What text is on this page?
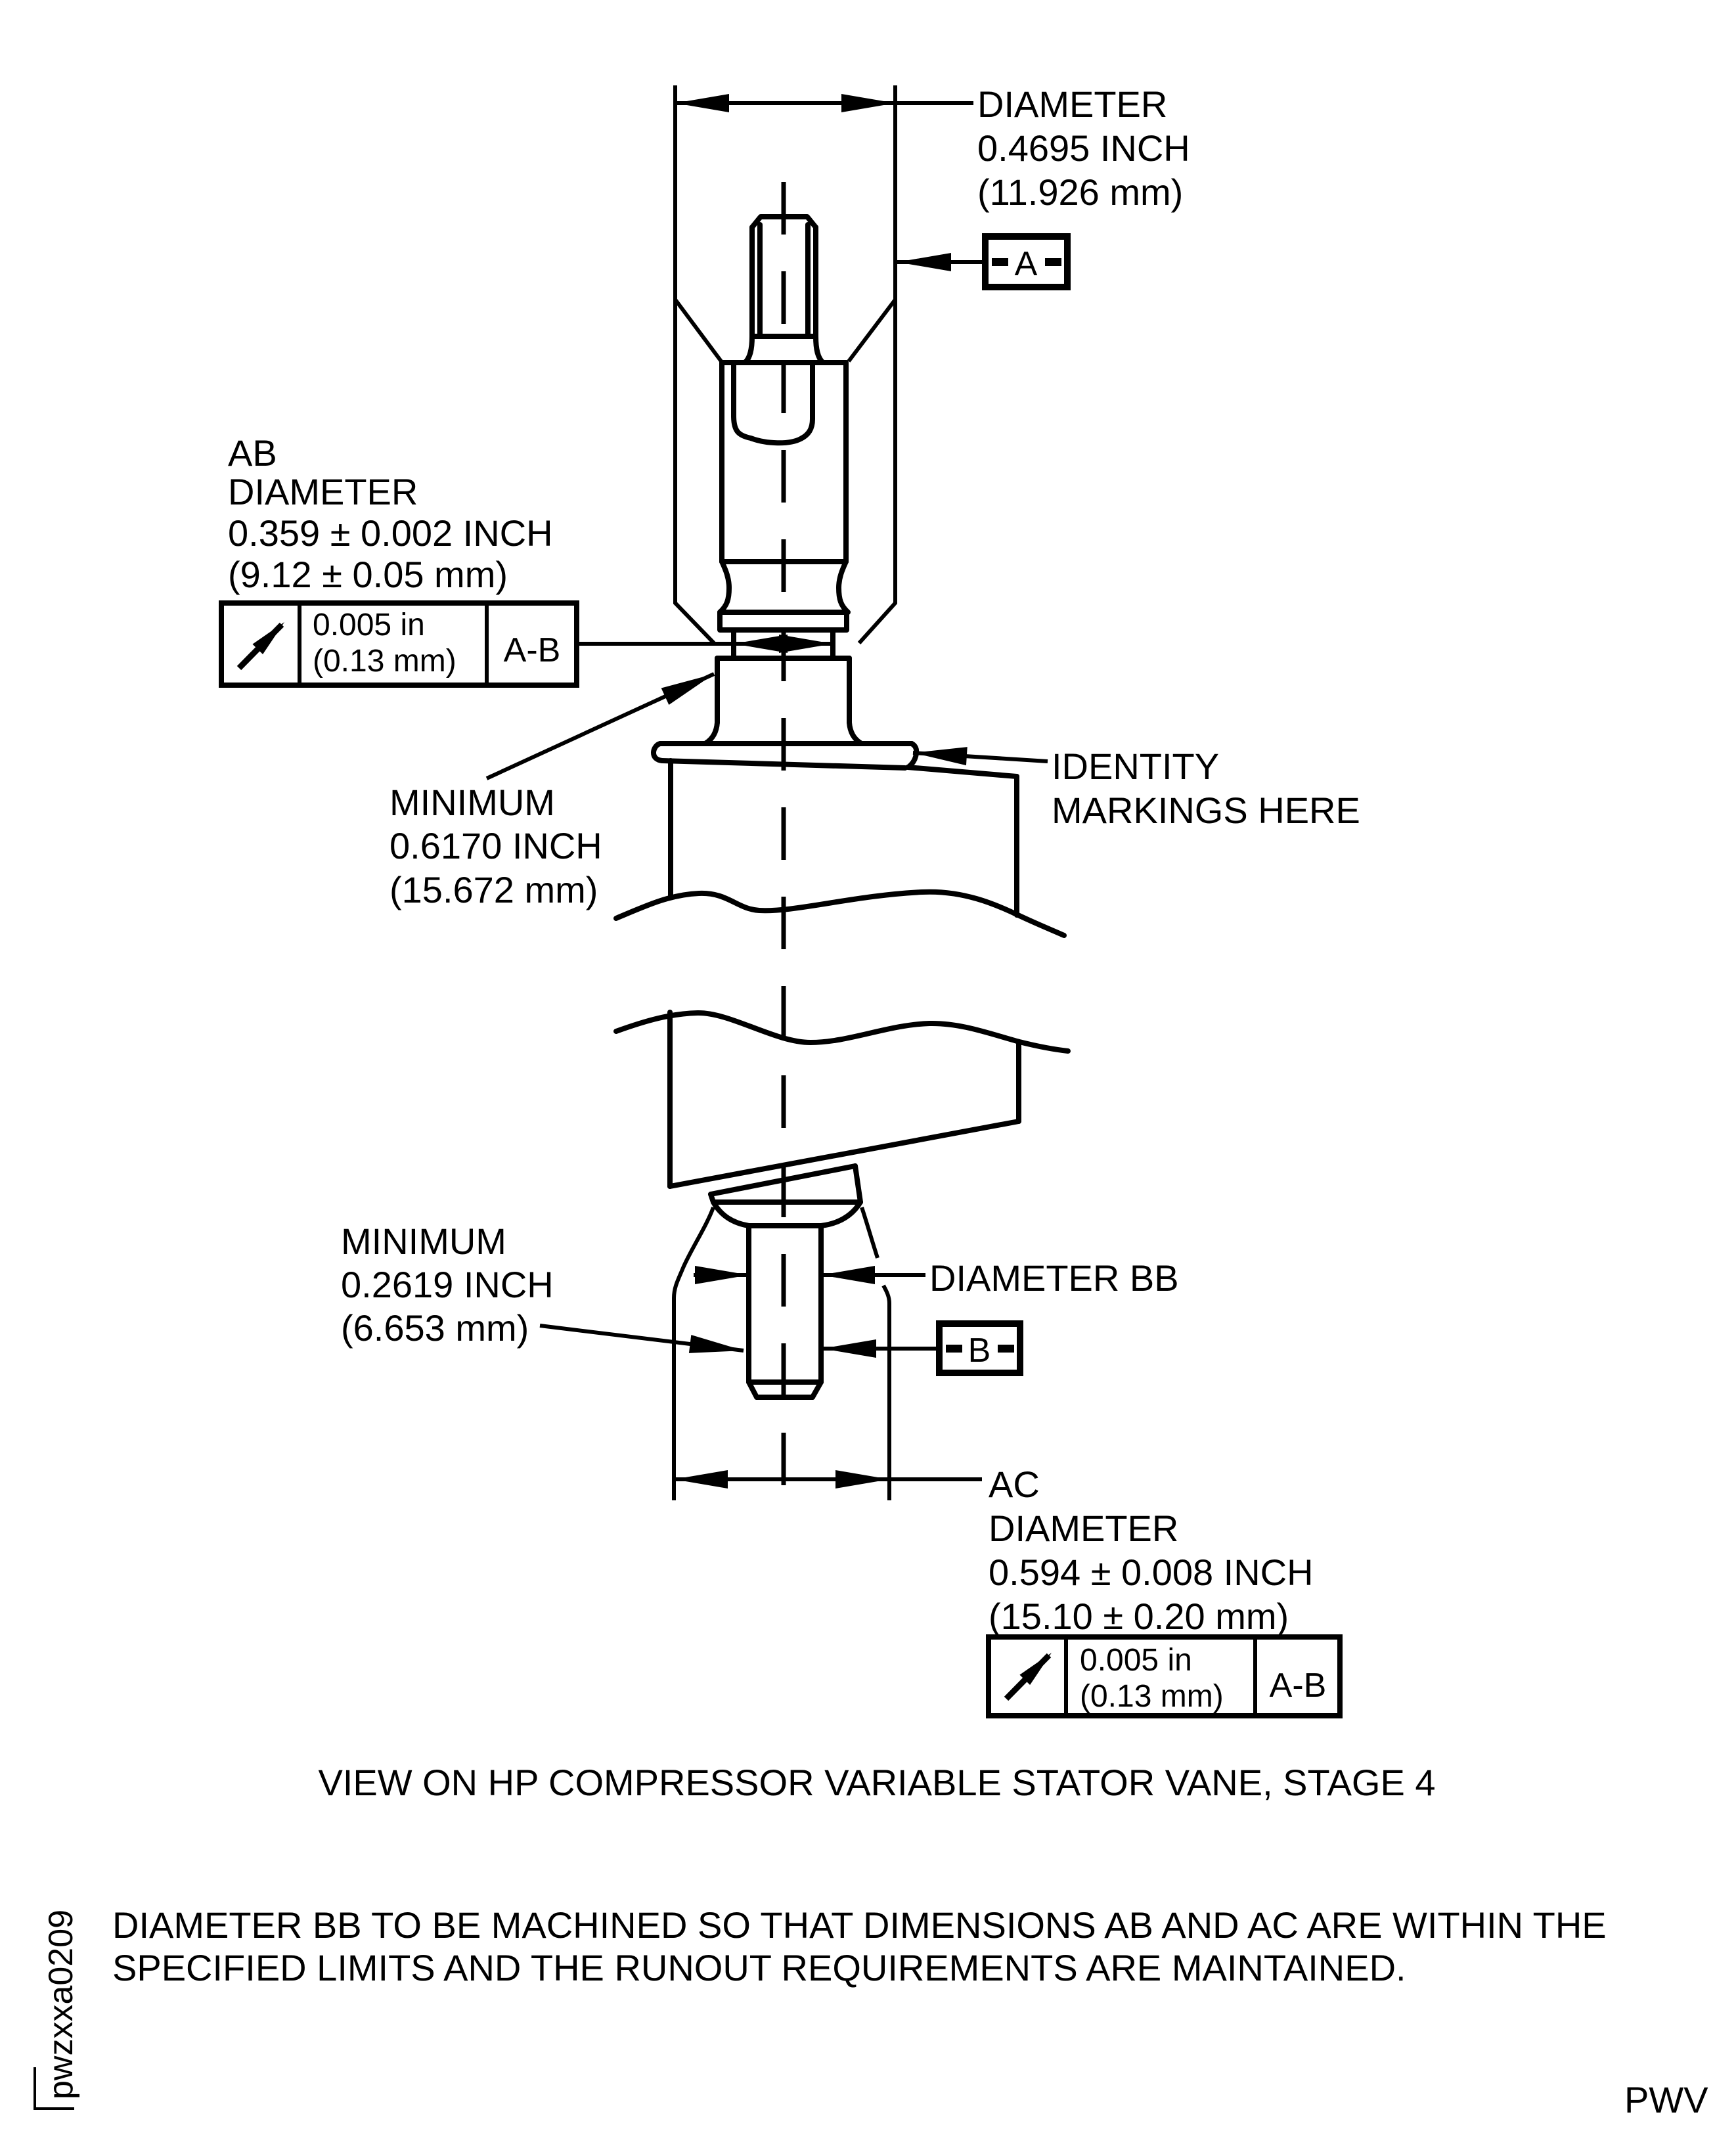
DIAMETER
0.4695 INCH
(11.926 mm)
A
AB
DIAMETER
0.359 ± 0.002 INCH
(9.12 ± 0.05 mm)
0.005 in
(0.13 mm) A-B
MINIMUM
0.6170 INCH
(15.672 mm)
IDENTITY
MARKINGS HERE
MINIMUM
0.2619 INCH
(6.653 mm)
DIAMETER BB
B
AC
DIAMETER
0.594 ± 0.008 INCH
(15.10 ± 0.20 mm)
0.005 in
(0.13 mm) A-B
VIEW ON HP COMPRESSOR VARIABLE STATOR VANE, STAGE 4
DIAMETER BB TO BE MACHINED SO THAT DIMENSIONS AB AND AC ARE WITHIN THE
SPECIFIED LIMITS AND THE RUNOUT REQUIREMENTS ARE MAINTAINED.
pwzxxa0209
PWV
